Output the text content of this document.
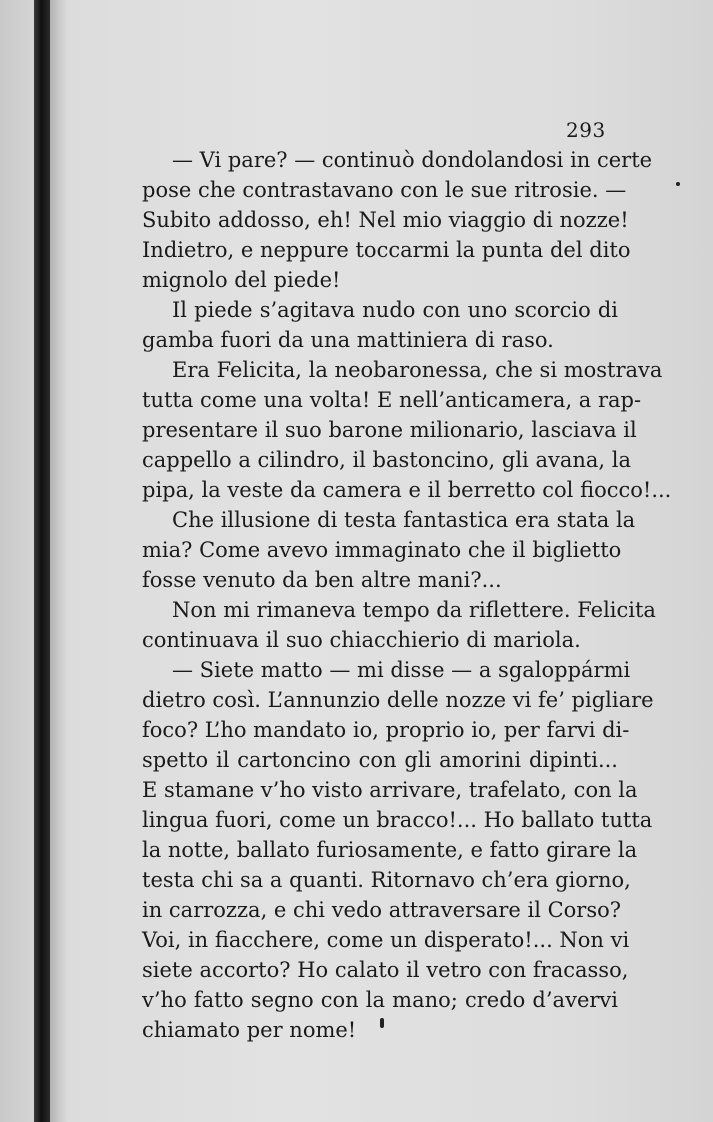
293
— Vi pare? — continuò dondolandosi in certe
pose che contrastavano con le sue ritrosie. —
Subito addosso, eh! Nel mio viaggio di nozze!
Indietro, e neppure toccarmi la punta del dito
mignolo del piede!
Il piede s’agitava nudo con uno scorcio di
gamba fuori da una mattiniera di raso.
Era Felicita, la neobaronessa, che si mostrava
tutta come una volta! E nell’anticamera, a rap-
presentare il suo barone milionario, lasciava il
cappello a cilindro, il bastoncino, gli avana, la
pipa, la veste da camera e il berretto col fiocco!...
Che illusione di testa fantastica era stata la
mia? Come avevo immaginato che il biglietto
fosse venuto da ben altre mani?...
Non mi rimaneva tempo da riflettere. Felicita
continuava il suo chiacchierio di mariola.
— Siete matto — mi disse — a sgaloppármi
dietro così. L’annunzio delle nozze vi fe’ pigliare
foco? L’ho mandato io, proprio io, per farvi di-
spetto il cartoncino con gli amorini dipinti...
E stamane v’ho visto arrivare, trafelato, con la
lingua fuori, come un bracco!... Ho ballato tutta
la notte, ballato furiosamente, e fatto girare la
testa chi sa a quanti. Ritornavo ch’era giorno,
in carrozza, e chi vedo attraversare il Corso?
Voi, in fiacchere, come un disperato!... Non vi
siete accorto? Ho calato il vetro con fracasso,
v’ho fatto segno con la mano; credo d’avervi
chiamato per nome!
